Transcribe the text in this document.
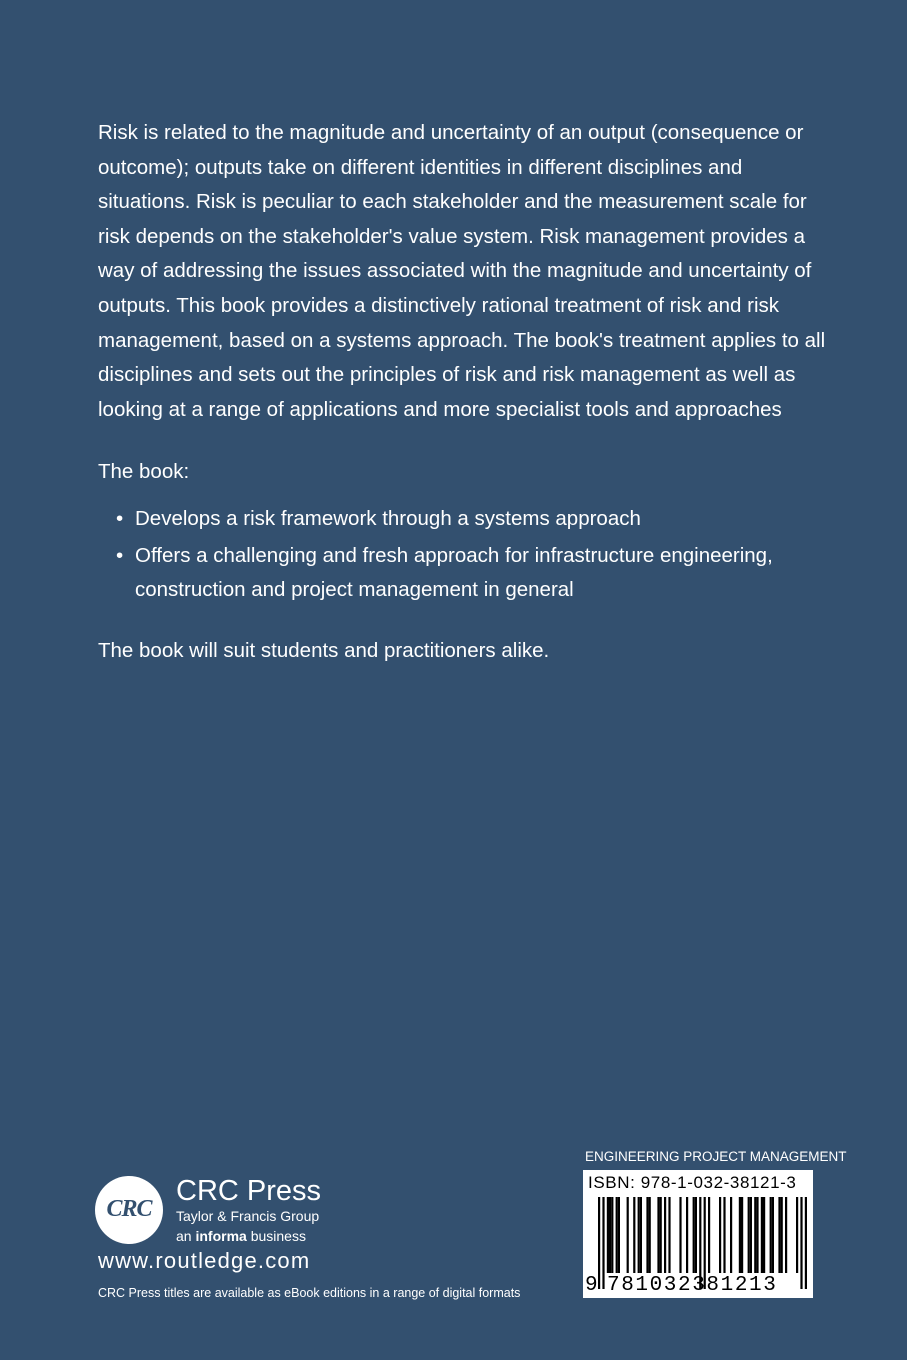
Risk is related to the magnitude and uncertainty of an output (consequence or outcome); outputs take on different identities in different disciplines and situations. Risk is peculiar to each stakeholder and the measurement scale for risk depends on the stakeholder's value system. Risk management provides a way of addressing the issues associated with the magnitude and uncertainty of outputs. This book provides a distinctively rational treatment of risk and risk management, based on a systems approach. The book's treatment applies to all disciplines and sets out the principles of risk and risk management as well as looking at a range of applications and more specialist tools and approaches

The book:

• Develops a risk framework through a systems approach
• Offers a challenging and fresh approach for infrastructure engineering, construction and project management in general

The book will suit students and practitioners alike.

CRC
CRC Press
Taylor & Francis Group
an informa business
www.routledge.com
CRC Press titles are available as eBook editions in a range of digital formats
ENGINEERING PROJECT MANAGEMENT
ISBN: 978-1-032-38121-3
9 781032381213
